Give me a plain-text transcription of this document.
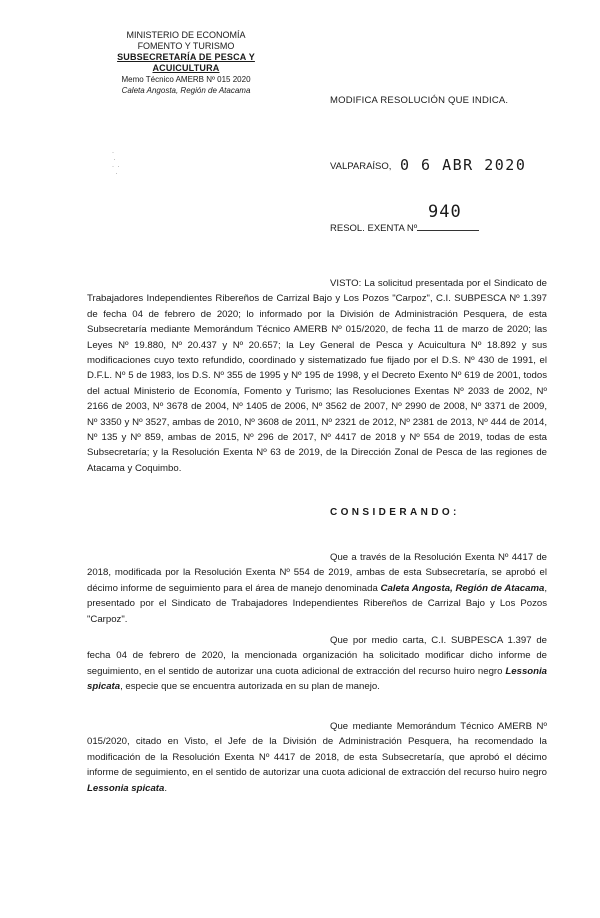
MINISTERIO DE ECONOMÍA
FOMENTO Y TURISMO
SUBSECRETARÍA DE PESCA Y ACUICULTURA
Memo Técnico AMERB Nº 015 2020
Caleta Angosta, Región de Atacama
MODIFICA RESOLUCIÓN QUE INDICA.
·
·
·  ·
·
VALPARAÍSO, 0 6 ABR 2020
RESOL. EXENTA Nº
940
VISTO: La solicitud presentada por el Sindicato de Trabajadores Independientes Ribereños de Carrizal Bajo y Los Pozos "Carpoz", C.I. SUBPESCA Nº 1.397 de fecha 04 de febrero de 2020; lo informado por la División de Administración Pesquera, de esta Subsecretaría mediante Memorándum Técnico AMERB Nº 015/2020, de fecha 11 de marzo de 2020; las Leyes Nº 19.880, Nº 20.437 y Nº 20.657; la Ley General de Pesca y Acuicultura Nº 18.892 y sus modificaciones cuyo texto refundido, coordinado y sistematizado fue fijado por el D.S. Nº 430 de 1991, el D.F.L. Nº 5 de 1983, los D.S. Nº 355 de 1995 y Nº 195 de 1998, y el Decreto Exento Nº 619 de 2001, todos del actual Ministerio de Economía, Fomento y Turismo; las Resoluciones Exentas Nº 2033 de 2002, Nº 2166 de 2003, Nº 3678 de 2004, Nº 1405 de 2006, Nº 3562 de 2007, Nº 2990 de 2008, Nº 3371 de 2009, Nº 3350 y Nº 3527, ambas de 2010, Nº 3608 de 2011, Nº 2321 de 2012, Nº 2381 de 2013, Nº 444 de 2014, Nº 135 y Nº 859, ambas de 2015, Nº 296 de 2017, Nº 4417 de 2018 y Nº 554 de 2019, todas de esta Subsecretaría; y la Resolución Exenta Nº 63 de 2019, de la Dirección Zonal de Pesca de las regiones de Atacama y Coquimbo.
CONSIDERANDO:
Que a través de la Resolución Exenta Nº 4417 de 2018, modificada por la Resolución Exenta Nº 554 de 2019, ambas de esta Subsecretaría, se aprobó el décimo informe de seguimiento para el área de manejo denominada Caleta Angosta, Región de Atacama, presentado por el Sindicato de Trabajadores Independientes Ribereños de Carrizal Bajo y Los Pozos "Carpoz".
Que por medio carta, C.I. SUBPESCA 1.397 de fecha 04 de febrero de 2020, la mencionada organización ha solicitado modificar dicho informe de seguimiento, en el sentido de autorizar una cuota adicional de extracción del recurso huiro negro Lessonia spicata, especie que se encuentra autorizada en su plan de manejo.
Que mediante Memorándum Técnico AMERB Nº 015/2020, citado en Visto, el Jefe de la División de Administración Pesquera, ha recomendado la modificación de la Resolución Exenta Nº 4417 de 2018, de esta Subsecretaría, que aprobó el décimo informe de seguimiento, en el sentido de autorizar una cuota adicional de extracción del recurso huiro negro Lessonia spicata.
